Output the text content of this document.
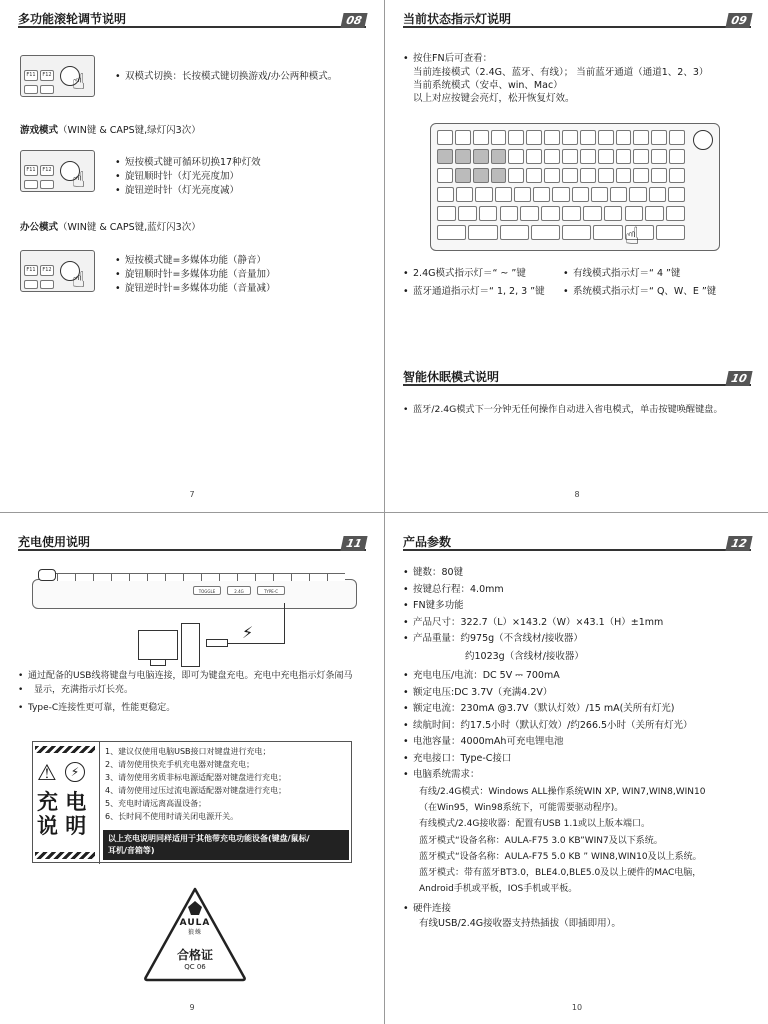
多功能滚轮调节说明	08
F11	F12 ☝	• 双模式切换：长按模式键切换游戏/办公两种模式。
游戏模式（WIN键 & CAPS键,绿灯闪3次）
F11	F12 ☝
• 短按模式键可循环切换17种灯效
• 旋钮顺时针（灯光亮度加）
• 旋钮逆时针（灯光亮度减）
办公模式（WIN键 & CAPS键,蓝灯闪3次）
F11	F12 ☝
• 短按模式键=多媒体功能（静音）
• 旋钮顺时针=多媒体功能（音量加）
• 旋钮逆时针=多媒体功能（音量减）
7
当前状态指示灯说明	09
• 按住FN后可查看：
当前连接模式（2.4G、蓝牙、有线）； 当前蓝牙通道（通道1、2、3）
当前系统模式（安卓、win、Mac）
以上对应按键会亮灯，松开恢复灯效。
☝
• 2.4G模式指示灯＝“ ~ ”键
• 蓝牙通道指示灯＝“ 1, 2, 3 ”键
• 有线模式指示灯＝“ 4 ”键
• 系统模式指示灯＝“ Q、W、E ”键
智能休眠模式说明	10
• 蓝牙/2.4G模式下一分钟无任何操作自动进入省电模式，单击按键唤醒键盘。
8
充电使用说明	11
TOGGLE	2.4G	TYPE-C
⚡
• 通过配备的USB线将键盘与电脑连接，即可为键盘充电。充电中充电指示灯条闹马
• 显示，充满指示灯长亮。
• Type-C连接性更可靠，性能更稳定。
⚠	⚡
充 电
说 明
1、建议仅使用电脑USB接口对键盘进行充电；
2、请勿使用快充手机充电器对键盘充电；
3、请勿使用劣质非标电源适配器对键盘进行充电；
4、请勿使用过压过流电源适配器对键盘进行充电；
5、充电时请远离高温设备；
6、长时间不使用时请关闭电源开关。
以上充电说明同样适用于其他带充电功能设备(键盘/鼠标/
耳机/音箱等)
AULA
狼蛛
合格证
QC 06
9
产品参数	12
• 键数：80键
• 按键总行程：4.0mm
• FN键多功能
• 产品尺寸：322.7（L）×143.2（W）×43.1（H）±1mm
• 产品重量：约975g（不含线材/接收器）
约1023g（含线材/接收器）
• 充电电压/电流：DC 5V ⎓ 700mA
• 额定电压:DC 3.7V（充满4.2V）
• 额定电流：230mA @3.7V（默认灯效）/15 mA(关所有灯光)
• 续航时间：约17.5小时（默认灯效）/约266.5小时（关所有灯光）
• 电池容量：4000mAh可充电锂电池
• 充电接口：Type-C接口
• 电脑系统需求：
有线/2.4G模式：Windows ALL操作系统WIN XP, WIN7,WIN8,WIN10
（在Win95，Win98系统下，可能需要驱动程序)。
有线模式/2.4G接收器：配置有USB 1.1或以上版本端口。
蓝牙模式“设备名称：AULA-F75 3.0 KB”WIN7及以下系统。
蓝牙模式“设备名称：AULA-F75 5.0 KB ” WIN8,WIN10及以上系统。
蓝牙模式：带有蓝牙BT3.0，BLE4.0,BLE5.0及以上硬件的MAC电脑，
Android手机或平板，IOS手机或平板。
• 硬件连接
有线USB/2.4G接收器支持热插拔（即插即用）。
10
